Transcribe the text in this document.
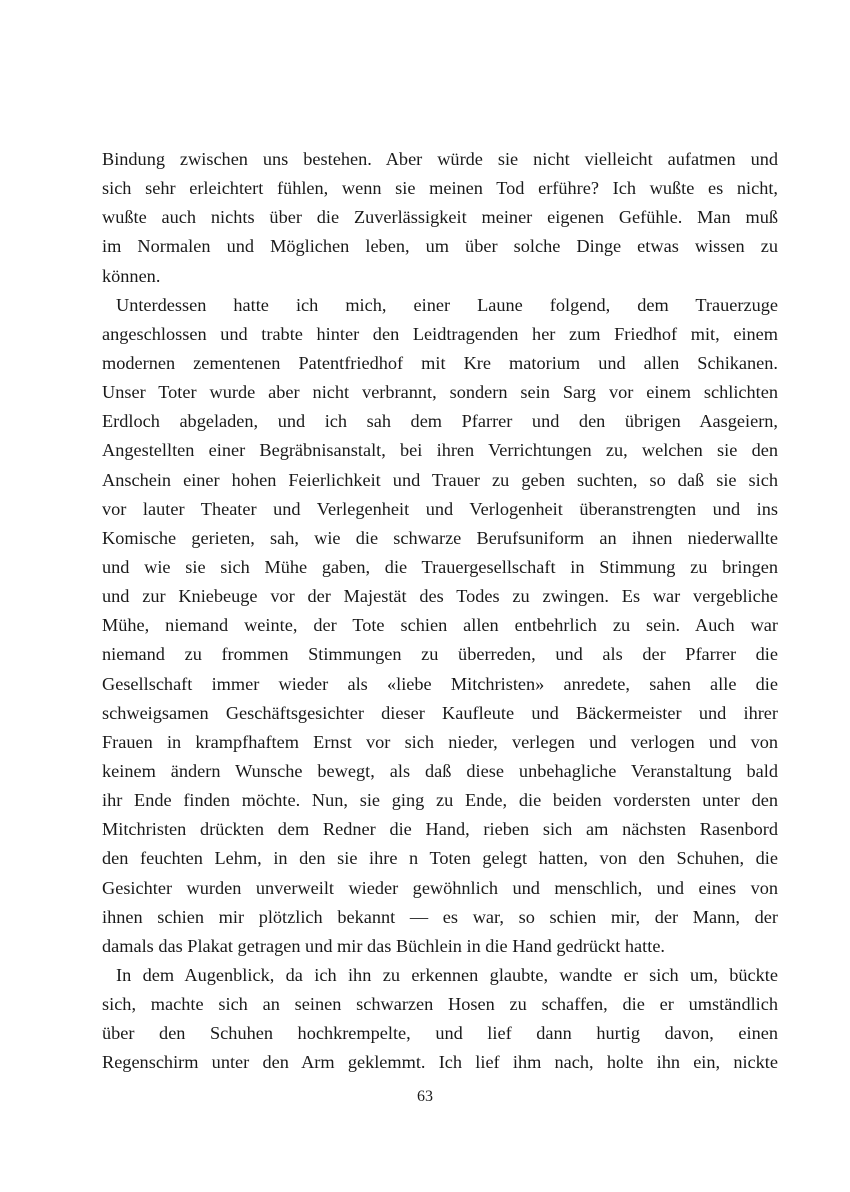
Bindung zwischen uns bestehen. Aber würde sie nicht vielleicht aufatmen und
sich sehr erleichtert fühlen, wenn sie meinen Tod erführe? Ich wußte es nicht,
wußte auch nichts über die Zuverlässigkeit meiner eigenen Gefühle. Man muß
im Normalen und Möglichen leben, um über solche Dinge etwas wissen zu
können.

Unterdessen hatte ich mich, einer Laune folgend, dem Trauerzuge
angeschlossen und trabte hinter den Leidtragenden her zum Friedhof mit, einem
modernen zementenen Patentfriedhof mit Kre matorium und allen Schikanen.
Unser Toter wurde aber nicht verbrannt, sondern sein Sarg vor einem schlichten
Erdloch abgeladen, und ich sah dem Pfarrer und den übrigen Aasgeiern,
Angestellten einer Begräbnisanstalt, bei ihren Verrichtungen zu, welchen sie den
Anschein einer hohen Feierlichkeit und Trauer zu geben suchten, so daß sie sich
vor lauter Theater und Verlegenheit und Verlogenheit überanstrengten und ins
Komische gerieten, sah, wie die schwarze Berufsuniform an ihnen niederwallte
und wie sie sich Mühe gaben, die Trauergesellschaft in Stimmung zu bringen
und zur Kniebeuge vor der Majestät des Todes zu zwingen. Es war vergebliche
Mühe, niemand weinte, der Tote schien allen entbehrlich zu sein. Auch war
niemand zu frommen Stimmungen zu überreden, und als der Pfarrer die
Gesellschaft immer wieder als «liebe Mitchristen» anredete, sahen alle die
schweigsamen Geschäftsgesichter dieser Kaufleute und Bäckermeister und ihrer
Frauen in krampfhaftem Ernst vor sich nieder, verlegen und verlogen und von
keinem ändern Wunsche bewegt, als daß diese unbehagliche Veranstaltung bald
ihr Ende finden möchte. Nun, sie ging zu Ende, die beiden vordersten unter den
Mitchristen drückten dem Redner die Hand, rieben sich am nächsten Rasenbord
den feuchten Lehm, in den sie ihre n Toten gelegt hatten, von den Schuhen, die
Gesichter wurden unverweilt wieder gewöhnlich und menschlich, und eines von
ihnen schien mir plötzlich bekannt — es war, so schien mir, der Mann, der
damals das Plakat getragen und mir das Büchlein in die Hand gedrückt hatte.

In dem Augenblick, da ich ihn zu erkennen glaubte, wandte er sich um, bückte
sich, machte sich an seinen schwarzen Hosen zu schaffen, die er umständlich
über den Schuhen hochkrempelte, und lief dann hurtig davon, einen
Regenschirm unter den Arm geklemmt. Ich lief ihm nach, holte ihn ein, nickte

63
